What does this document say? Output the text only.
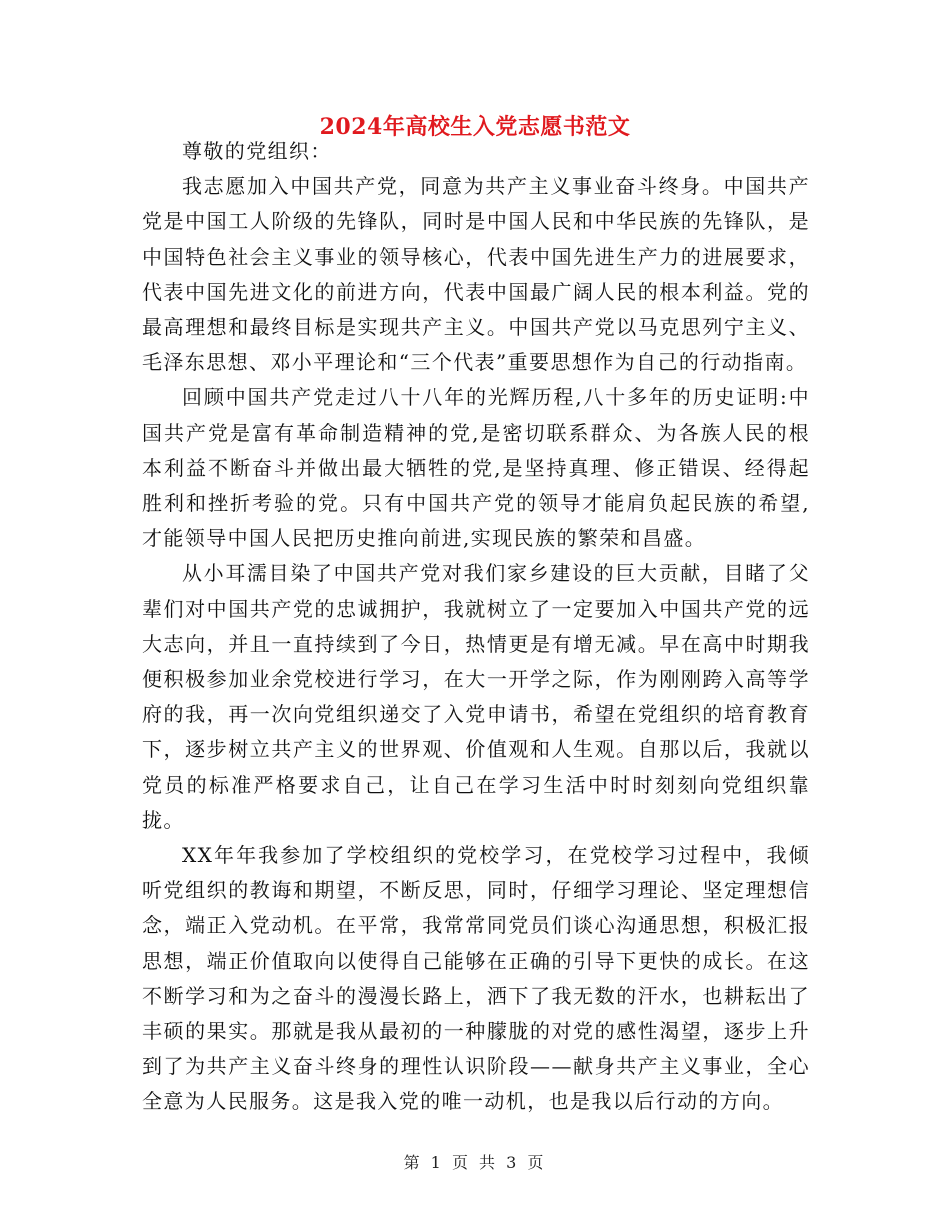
2024年高校生入党志愿书范文

尊敬的党组织：

我志愿加入中国共产党，同意为共产主义事业奋斗终身。中国共产党是中国工人阶级的先锋队，同时是中国人民和中华民族的先锋队，是中国特色社会主义事业的领导核心，代表中国先进生产力的进展要求，代表中国先进文化的前进方向，代表中国最广阔人民的根本利益。党的最高理想和最终目标是实现共产主义。中国共产党以马克思列宁主义、毛泽东思想、邓小平理论和“三个代表”重要思想作为自己的行动指南。

回顾中国共产党走过八十八年的光辉历程,八十多年的历史证明:中国共产党是富有革命制造精神的党,是密切联系群众、为各族人民的根本利益不断奋斗并做出最大牺牲的党,是坚持真理、修正错误、经得起胜利和挫折考验的党。只有中国共产党的领导才能肩负起民族的希望,才能领导中国人民把历史推向前进,实现民族的繁荣和昌盛。

从小耳濡目染了中国共产党对我们家乡建设的巨大贡献，目睹了父辈们对中国共产党的忠诚拥护，我就树立了一定要加入中国共产党的远大志向，并且一直持续到了今日，热情更是有增无减。早在高中时期我便积极参加业余党校进行学习，在大一开学之际，作为刚刚跨入高等学府的我，再一次向党组织递交了入党申请书，希望在党组织的培育教育下，逐步树立共产主义的世界观、价值观和人生观。自那以后，我就以党员的标准严格要求自己，让自己在学习生活中时时刻刻向党组织靠拢。

XX年年我参加了学校组织的党校学习，在党校学习过程中，我倾听党组织的教诲和期望，不断反思，同时，仔细学习理论、坚定理想信念，端正入党动机。在平常，我常常同党员们谈心沟通思想，积极汇报思想，端正价值取向以使得自己能够在正确的引导下更快的成长。在这不断学习和为之奋斗的漫漫长路上，洒下了我无数的汗水，也耕耘出了丰硕的果实。那就是我从最初的一种朦胧的对党的感性渴望，逐步上升到了为共产主义奋斗终身的理性认识阶段——献身共产主义事业，全心全意为人民服务。这是我入党的唯一动机，也是我以后行动的方向。

第 1 页 共 3 页
